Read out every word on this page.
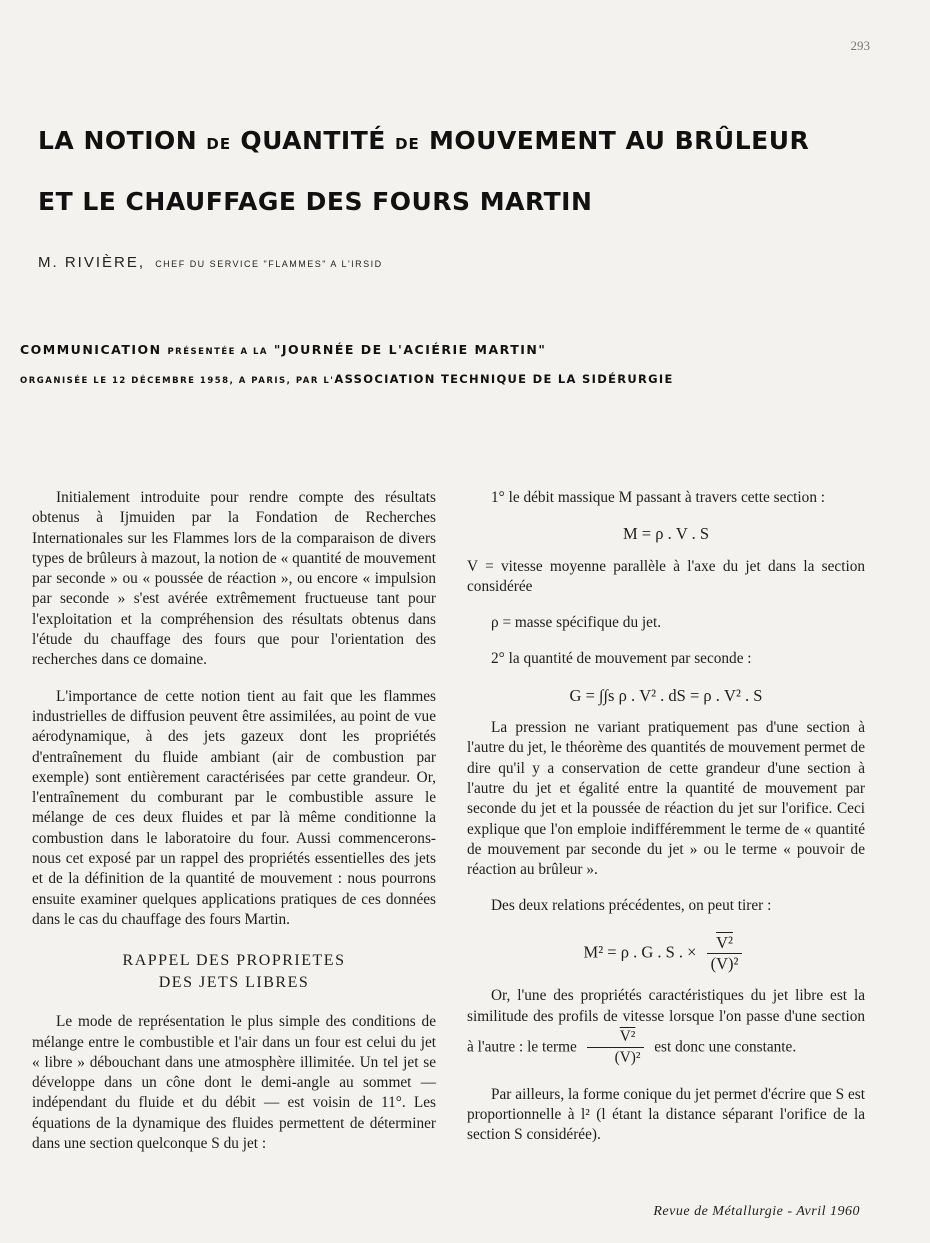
293
LA NOTION DE QUANTITÉ DE MOUVEMENT AU BRÛLEUR
ET LE CHAUFFAGE DES FOURS MARTIN
M. RIVIÈRE, CHEF DU SERVICE "FLAMMES" A L'IRSID
COMMUNICATION PRÉSENTÉE A LA "JOURNÉE DE L'ACIÉRIE MARTIN"
ORGANISÉE LE 12 DÉCEMBRE 1958, A PARIS, PAR L'ASSOCIATION TECHNIQUE DE LA SIDÉRURGIE

Initialement introduite pour rendre compte des résultats obtenus à Ijmuiden par la Fondation de Recherches Internationales sur les Flammes lors de la comparaison de divers types de brûleurs à mazout, la notion de « quantité de mouvement par seconde » ou « poussée de réaction », ou encore « impulsion par seconde » s'est avérée extrêmement fructueuse tant pour l'exploitation et la compréhension des résultats obtenus dans l'étude du chauffage des fours que pour l'orientation des recherches dans ce domaine.

L'importance de cette notion tient au fait que les flammes industrielles de diffusion peuvent être assimilées, au point de vue aérodynamique, à des jets gazeux dont les propriétés d'entraînement du fluide ambiant (air de combustion par exemple) sont entièrement caractérisées par cette grandeur. Or, l'entraînement du comburant par le combustible assure le mélange de ces deux fluides et par là même conditionne la combustion dans le laboratoire du four. Aussi commencerons-nous cet exposé par un rappel des propriétés essentielles des jets et de la définition de la quantité de mouvement : nous pourrons ensuite examiner quelques applications pratiques de ces données dans le cas du chauffage des fours Martin.

RAPPEL DES PROPRIETES
DES JETS LIBRES

Le mode de représentation le plus simple des conditions de mélange entre le combustible et l'air dans un four est celui du jet « libre » débouchant dans une atmosphère illimitée. Un tel jet se développe dans un cône dont le demi-angle au sommet — indépendant du fluide et du débit — est voisin de 11°. Les équations de la dynamique des fluides permettent de déterminer dans une section quelconque S du jet :

1° le débit massique M passant à travers cette section :

M = ρ . V . S

V = vitesse moyenne parallèle à l'axe du jet dans la section considérée

ρ = masse spécifique du jet.

2° la quantité de mouvement par seconde :

G = ∫∫s ρ . V² . dS = ρ . V² . S

La pression ne variant pratiquement pas d'une section à l'autre du jet, le théorème des quantités de mouvement permet de dire qu'il y a conservation de cette grandeur d'une section à l'autre du jet et égalité entre la quantité de mouvement par seconde du jet et la poussée de réaction du jet sur l'orifice. Ceci explique que l'on emploie indifféremment le terme de « quantité de mouvement par seconde du jet » ou le terme « pouvoir de réaction au brûleur ».

Des deux relations précédentes, on peut tirer :

M² = ρ . G . S . × $\frac{\text{V²}}{\text{(V)²}}$

Or, l'une des propriétés caractéristiques du jet libre est la similitude des profils de vitesse lorsque l'on passe d'une section à l'autre : le terme $\frac{\text{V²}}{\text{(V)²}}$ est donc une constante.

Par ailleurs, la forme conique du jet permet d'écrire que S est proportionnelle à l² (l étant la distance séparant l'orifice de la section S considérée).

Revue de Métallurgie - Avril 1960
